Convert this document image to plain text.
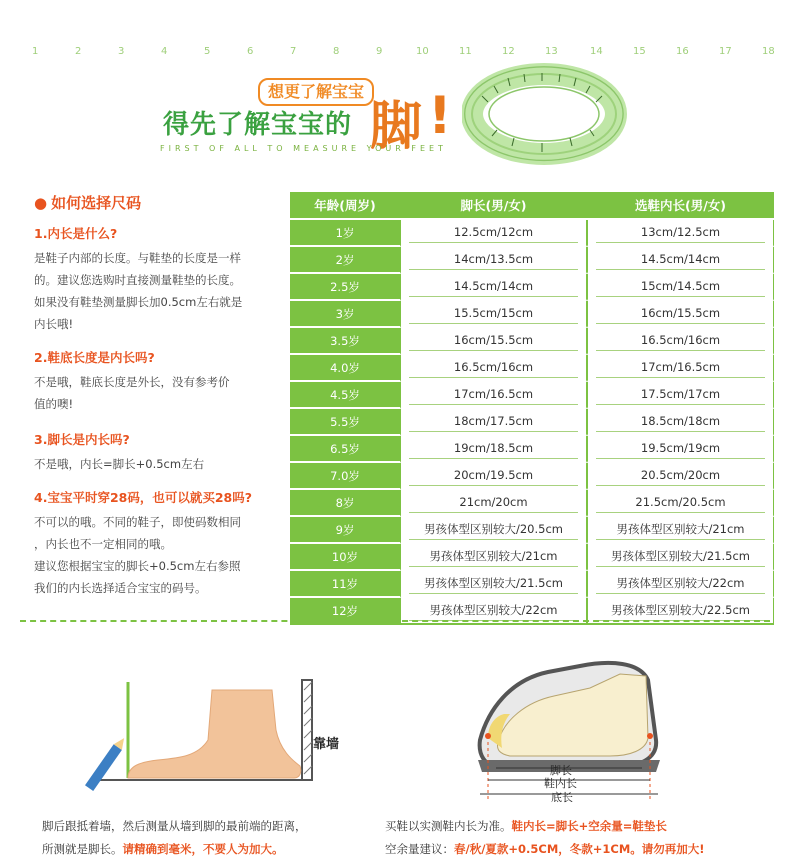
1	2	3	4	5	6	7	8	9	10	11	12	13	14	15	16	17	18
想更了解宝宝
得先了解宝宝的 脚 !
FIRST OF ALL TO MEASURE YOUR FEET
● 如何选择尺码
1.内长是什么?
是鞋子内部的长度。与鞋垫的长度是一样
的。建议您选购时直接测量鞋垫的长度。
如果没有鞋垫测量脚长加0.5cm左右就是
内长哦!
2.鞋底长度是内长吗?
不是哦，鞋底长度是外长，没有参考价
值的噢!
3.脚长是内长吗?
不是哦，内长=脚长+0.5cm左右
4.宝宝平时穿28码，也可以就买28吗?
不可以的哦。不同的鞋子，即使码数相同
，内长也不一定相同的哦。
建议您根据宝宝的脚长+0.5cm左右参照
我们的内长选择适合宝宝的码号。
年龄(周岁)	脚长(男/女)	选鞋内长(男/女)
1岁	12.5cm/12cm	13cm/12.5cm
2岁	14cm/13.5cm	14.5cm/14cm
2.5岁	14.5cm/14cm	15cm/14.5cm
3岁	15.5cm/15cm	16cm/15.5cm
3.5岁	16cm/15.5cm	16.5cm/16cm
4.0岁	16.5cm/16cm	17cm/16.5cm
4.5岁	17cm/16.5cm	17.5cm/17cm
5.5岁	18cm/17.5cm	18.5cm/18cm
6.5岁	19cm/18.5cm	19.5cm/19cm
7.0岁	20cm/19.5cm	20.5cm/20cm
8岁	21cm/20cm	21.5cm/20.5cm
9岁	男孩体型区别较大/20.5cm	男孩体型区别较大/21cm
10岁	男孩体型区别较大/21cm	男孩体型区别较大/21.5cm
11岁	男孩体型区别较大/21.5cm	男孩体型区别较大/22cm
12岁	男孩体型区别较大/22cm	男孩体型区别较大/22.5cm
靠墙
脚后跟抵着墙，然后测量从墙到脚的最前端的距离，
所测就是脚长。请精确到毫米，不要人为加大。
脚长
鞋内长
底长
买鞋以实测鞋内长为准。鞋内长=脚长+空余量=鞋垫长
空余量建议：春/秋/夏款+0.5CM，冬款+1CM。请勿再加大!
